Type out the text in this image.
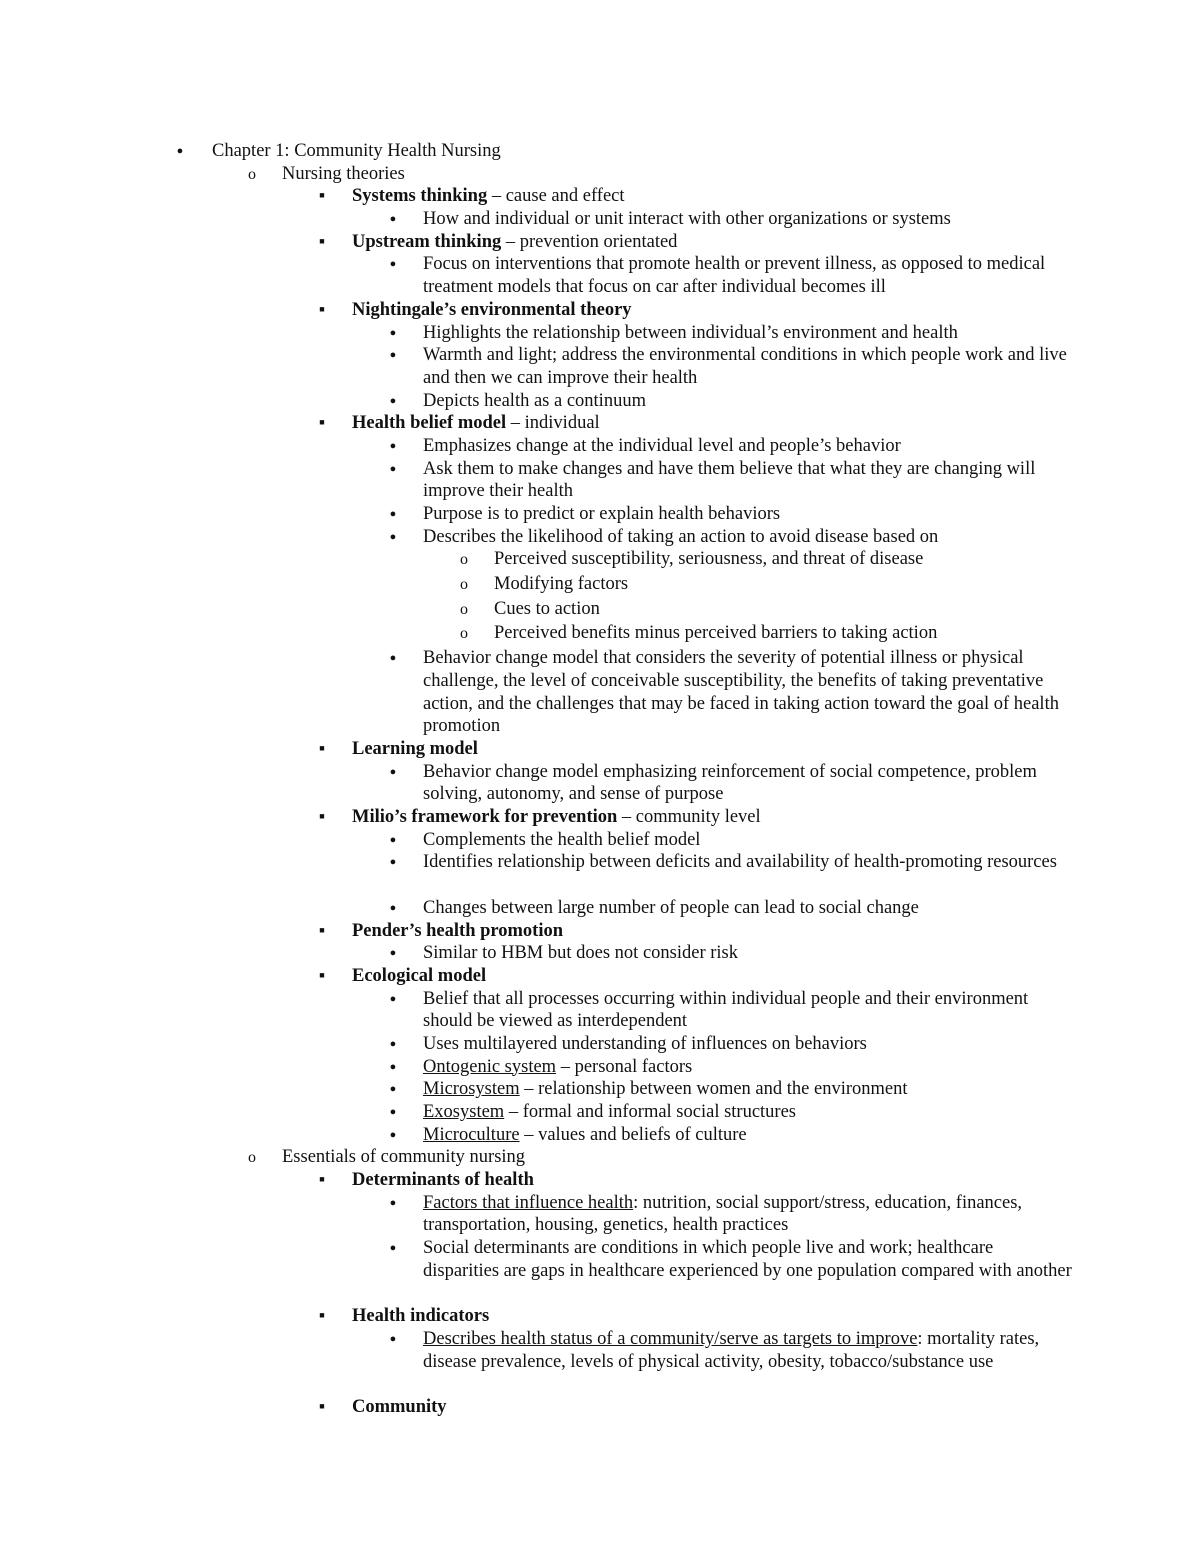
●
Chapter 1: Community Health Nursing
o
Nursing theories
■
Systems thinking – cause and effect
●
How and individual or unit interact with other organizations or systems
■
Upstream thinking – prevention orientated
●
Focus on interventions that promote health or prevent illness, as opposed to medical treatment models that focus on car after individual becomes ill
■
Nightingale’s environmental theory
●
Highlights the relationship between individual’s environment and health
●
Warmth and light; address the environmental conditions in which people work and live and then we can improve their health
●
Depicts health as a continuum
■
Health belief model – individual
●
Emphasizes change at the individual level and people’s behavior
●
Ask them to make changes and have them believe that what they are changing will improve their health
●
Purpose is to predict or explain health behaviors
●
Describes the likelihood of taking an action to avoid disease based on
o
Perceived susceptibility, seriousness, and threat of disease
o
Modifying factors
o
Cues to action
o
Perceived benefits minus perceived barriers to taking action
●
Behavior change model that considers the severity of potential illness or physical challenge, the level of conceivable susceptibility, the benefits of taking preventative action, and the challenges that may be faced in taking action toward the goal of health promotion
■
Learning model
●
Behavior change model emphasizing reinforcement of social competence, problem solving, autonomy, and sense of purpose
■
Milio’s framework for prevention – community level
●
Complements the health belief model
●
Identifies relationship between deficits and availability of health-promoting resources
●
Changes between large number of people can lead to social change
■
Pender’s health promotion
●
Similar to HBM but does not consider risk
■
Ecological model
●
Belief that all processes occurring within individual people and their environment should be viewed as interdependent
●
Uses multilayered understanding of influences on behaviors
●
Ontogenic system – personal factors
●
Microsystem – relationship between women and the environment
●
Exosystem – formal and informal social structures
●
Microculture – values and beliefs of culture
o
Essentials of community nursing
■
Determinants of health
●
Factors that influence health: nutrition, social support/stress, education, finances, transportation, housing, genetics, health practices
●
Social determinants are conditions in which people live and work; healthcare disparities are gaps in healthcare experienced by one population compared with another
■
Health indicators
●
Describes health status of a community/serve as targets to improve: mortality rates, disease prevalence, levels of physical activity, obesity, tobacco/substance use
■
Community
